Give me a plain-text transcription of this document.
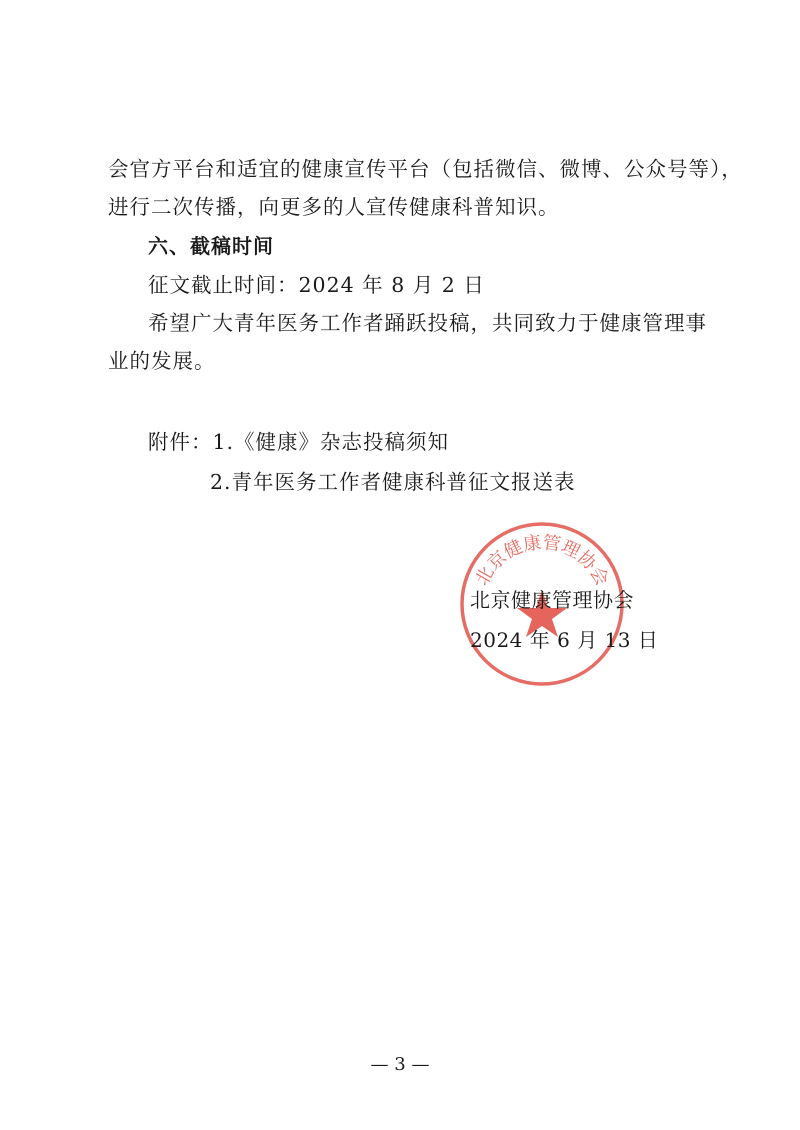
会官方平台和适宜的健康宣传平台（包括微信、微博、公众号等），
进行二次传播，向更多的人宣传健康科普知识。
六、截稿时间
征文截止时间：2024 年 8 月 2 日
希望广大青年医务工作者踊跃投稿，共同致力于健康管理事
业的发展。
附件：1.《健康》杂志投稿须知
2.青年医务工作者健康科普征文报送表
北京健康管理协会
北京健康管理协会
2024 年 6 月 13 日
— 3 —
